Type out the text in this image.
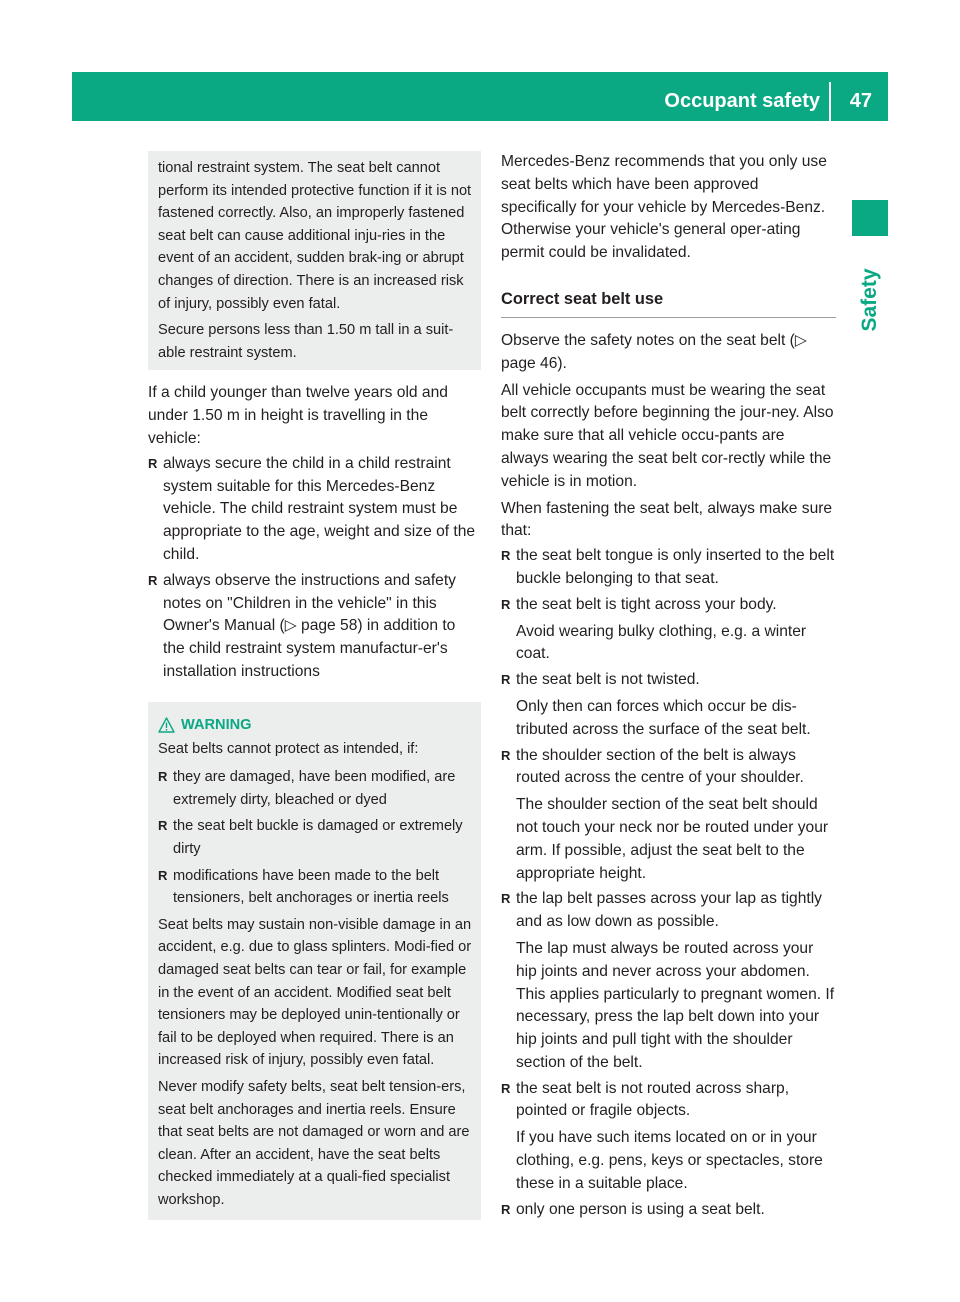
Occupant safety 47
Safety

tional restraint system. The seat belt cannot perform its intended protective function if it is not fastened correctly. Also, an improperly fastened seat belt can cause additional inju-ries in the event of an accident, sudden brak-ing or abrupt changes of direction. There is an increased risk of injury, possibly even fatal.

Secure persons less than 1.50 m tall in a suit-able restraint system.

If a child younger than twelve years old and under 1.50 m in height is travelling in the vehicle:

R always secure the child in a child restraint system suitable for this Mercedes-Benz vehicle. The child restraint system must be appropriate to the age, weight and size of the child.
R always observe the instructions and safety notes on "Children in the vehicle" in this Owner's Manual (▷ page 58) in addition to the child restraint system manufactur-er's installation instructions
WARNING

Seat belts cannot protect as intended, if:

R they are damaged, have been modified, are extremely dirty, bleached or dyed
R the seat belt buckle is damaged or extremely dirty
R modifications have been made to the belt tensioners, belt anchorages or inertia reels

Seat belts may sustain non-visible damage in an accident, e.g. due to glass splinters. Modi-fied or damaged seat belts can tear or fail, for example in the event of an accident. Modified seat belt tensioners may be deployed unin-tentionally or fail to be deployed when required. There is an increased risk of injury, possibly even fatal.

Never modify safety belts, seat belt tension-ers, seat belt anchorages and inertia reels. Ensure that seat belts are not damaged or worn and are clean. After an accident, have the seat belts checked immediately at a quali-fied specialist workshop.

Mercedes-Benz recommends that you only use seat belts which have been approved specifically for your vehicle by Mercedes-Benz. Otherwise your vehicle's general oper-ating permit could be invalidated.

Correct seat belt use

Observe the safety notes on the seat belt (▷ page 46).

All vehicle occupants must be wearing the seat belt correctly before beginning the jour-ney. Also make sure that all vehicle occu-pants are always wearing the seat belt cor-rectly while the vehicle is in motion.

When fastening the seat belt, always make sure that:

R the seat belt tongue is only inserted to the belt buckle belonging to that seat.
R the seat belt is tight across your body.
Avoid wearing bulky clothing, e.g. a winter coat.
R the seat belt is not twisted.
Only then can forces which occur be dis-tributed across the surface of the seat belt.
R the shoulder section of the belt is always routed across the centre of your shoulder.
The shoulder section of the seat belt should not touch your neck nor be routed under your arm. If possible, adjust the seat belt to the appropriate height.
R the lap belt passes across your lap as tightly and as low down as possible.
The lap must always be routed across your hip joints and never across your abdomen. This applies particularly to pregnant women. If necessary, press the lap belt down into your hip joints and pull tight with the shoulder section of the belt.
R the seat belt is not routed across sharp, pointed or fragile objects.
If you have such items located on or in your clothing, e.g. pens, keys or spectacles, store these in a suitable place.
R only one person is using a seat belt.
